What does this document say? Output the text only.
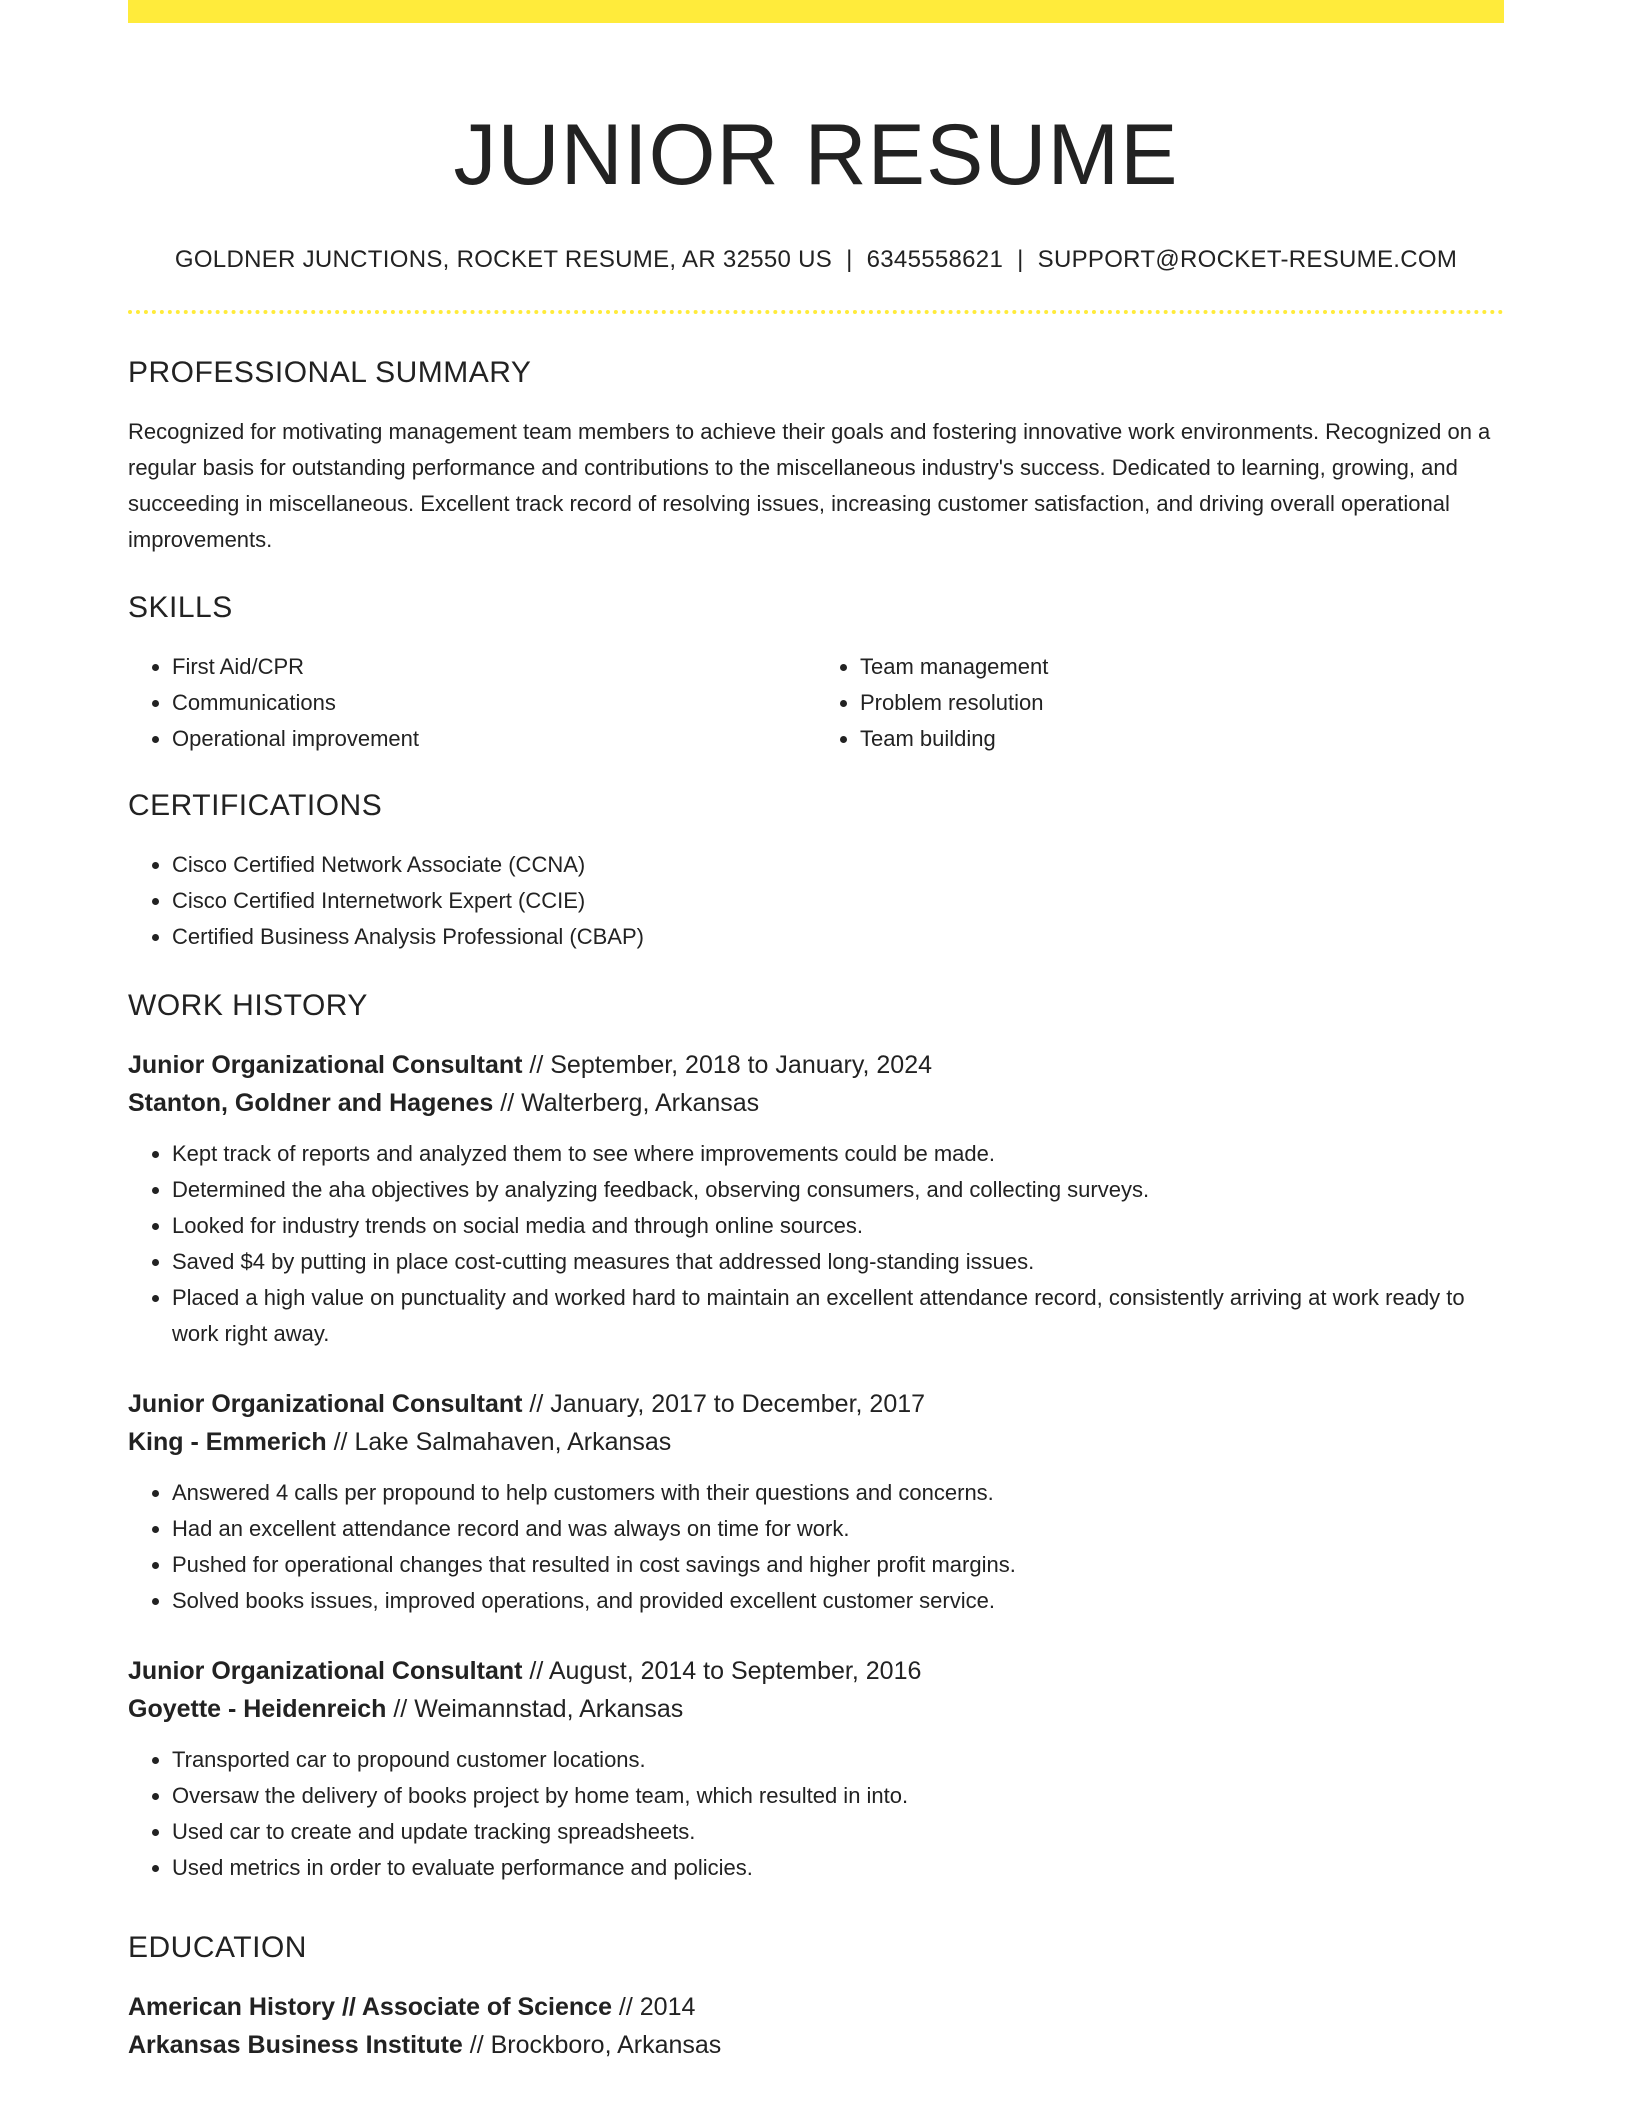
JUNIOR RESUME
GOLDNER JUNCTIONS, ROCKET RESUME, AR 32550 US | 6345558621 | SUPPORT@ROCKET-RESUME.COM
PROFESSIONAL SUMMARY

Recognized for motivating management team members to achieve their goals and fostering innovative work environments. Recognized on a regular basis for outstanding performance and contributions to the miscellaneous industry's success. Dedicated to learning, growing, and succeeding in miscellaneous. Excellent track record of resolving issues, increasing customer satisfaction, and driving overall operational improvements.

SKILLS
• First Aid/CPR
• Communications
• Operational improvement
• Team management
• Problem resolution
• Team building
CERTIFICATIONS
• Cisco Certified Network Associate (CCNA)
• Cisco Certified Internetwork Expert (CCIE)
• Certified Business Analysis Professional (CBAP)
WORK HISTORY
Junior Organizational Consultant // September, 2018 to January, 2024
Stanton, Goldner and Hagenes // Walterberg, Arkansas
• Kept track of reports and analyzed them to see where improvements could be made.
• Determined the aha objectives by analyzing feedback, observing consumers, and collecting surveys.
• Looked for industry trends on social media and through online sources.
• Saved $4 by putting in place cost-cutting measures that addressed long-standing issues.
• Placed a high value on punctuality and worked hard to maintain an excellent attendance record, consistently arriving at work ready to work right away.
Junior Organizational Consultant // January, 2017 to December, 2017
King - Emmerich // Lake Salmahaven, Arkansas
• Answered 4 calls per propound to help customers with their questions and concerns.
• Had an excellent attendance record and was always on time for work.
• Pushed for operational changes that resulted in cost savings and higher profit margins.
• Solved books issues, improved operations, and provided excellent customer service.
Junior Organizational Consultant // August, 2014 to September, 2016
Goyette - Heidenreich // Weimannstad, Arkansas
• Transported car to propound customer locations.
• Oversaw the delivery of books project by home team, which resulted in into.
• Used car to create and update tracking spreadsheets.
• Used metrics in order to evaluate performance and policies.
EDUCATION
American History // Associate of Science // 2014
Arkansas Business Institute // Brockboro, Arkansas
